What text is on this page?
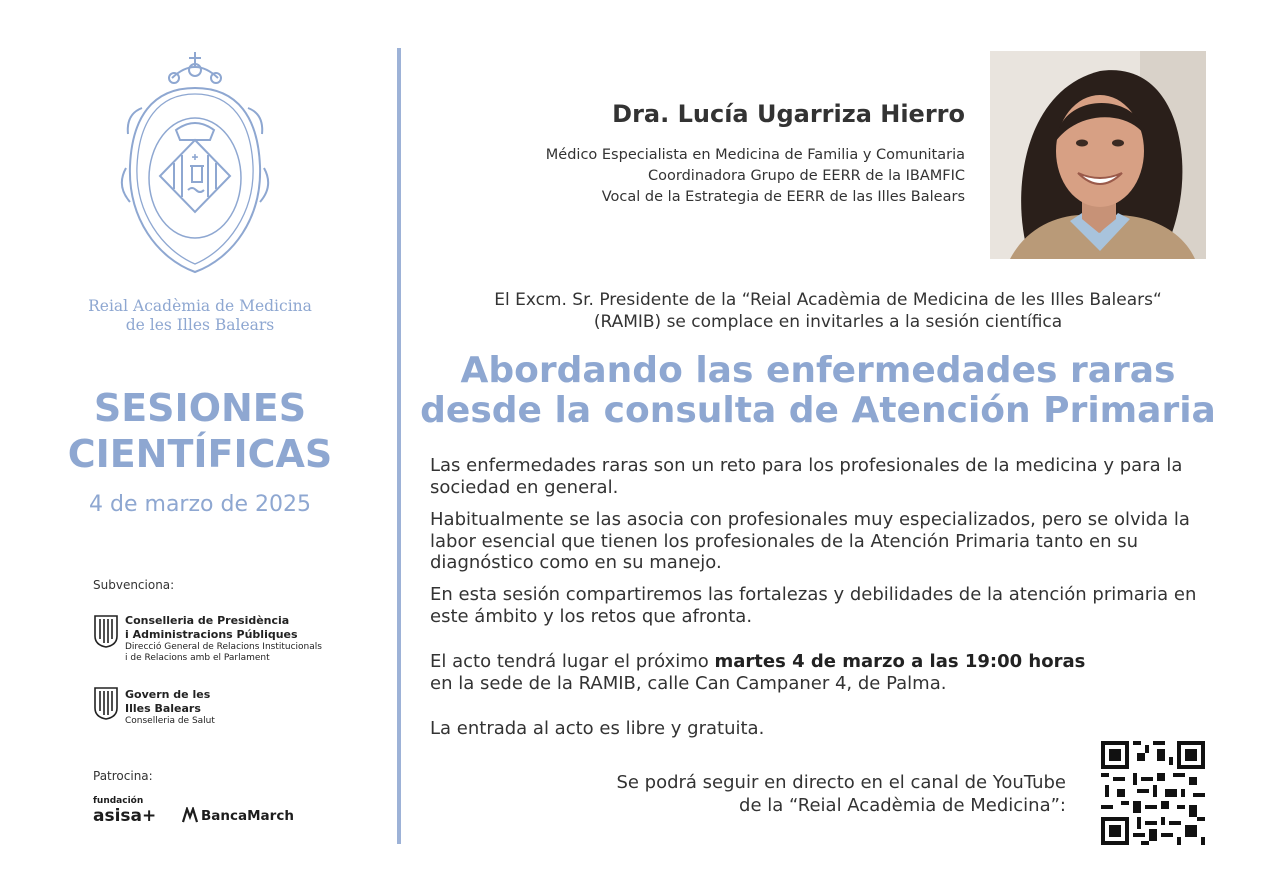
✚
Reial Acadèmia de Medicina
de les Illes Balears
SESIONES
CIENTÍFICAS
4 de marzo de 2025
Subvenciona:
Conselleria de Presidència
i Administracions Públiques
Direcció General de Relacions Institucionals
i de Relacions amb el Parlament
Govern de les
Illes Balears
Conselleria de Salut
Patrocina:
fundación
asisa+	BancaMarch
Dra. Lucía Ugarriza Hierro
Médico Especialista en Medicina de Familia y Comunitaria
Coordinadora Grupo de EERR de la IBAMFIC
Vocal de la Estrategia de EERR de las Illes Balears
El Excm. Sr. Presidente de la “Reial Acadèmia de Medicina de les Illes Balears“
(RAMIB) se complace en invitarles a la sesión científica
Abordando las enfermedades raras
desde la consulta de Atención Primaria
Las enfermedades raras son un reto para los profesionales de la medicina y para la sociedad en general.
Habitualmente se las asocia con profesionales muy especializados, pero se olvida la labor esencial que tienen los profesionales de la Atención Primaria tanto en su diagnóstico como en su manejo.
En esta sesión compartiremos las fortalezas y debilidades de la atención primaria en este ámbito y los retos que afronta.
El acto tendrá lugar el próximo martes 4 de marzo a las 19:00 horas
en la sede de la RAMIB, calle Can Campaner 4, de Palma.
La entrada al acto es libre y gratuita.
Se podrá seguir en directo en el canal de YouTube
de la “Reial Acadèmia de Medicina”:
